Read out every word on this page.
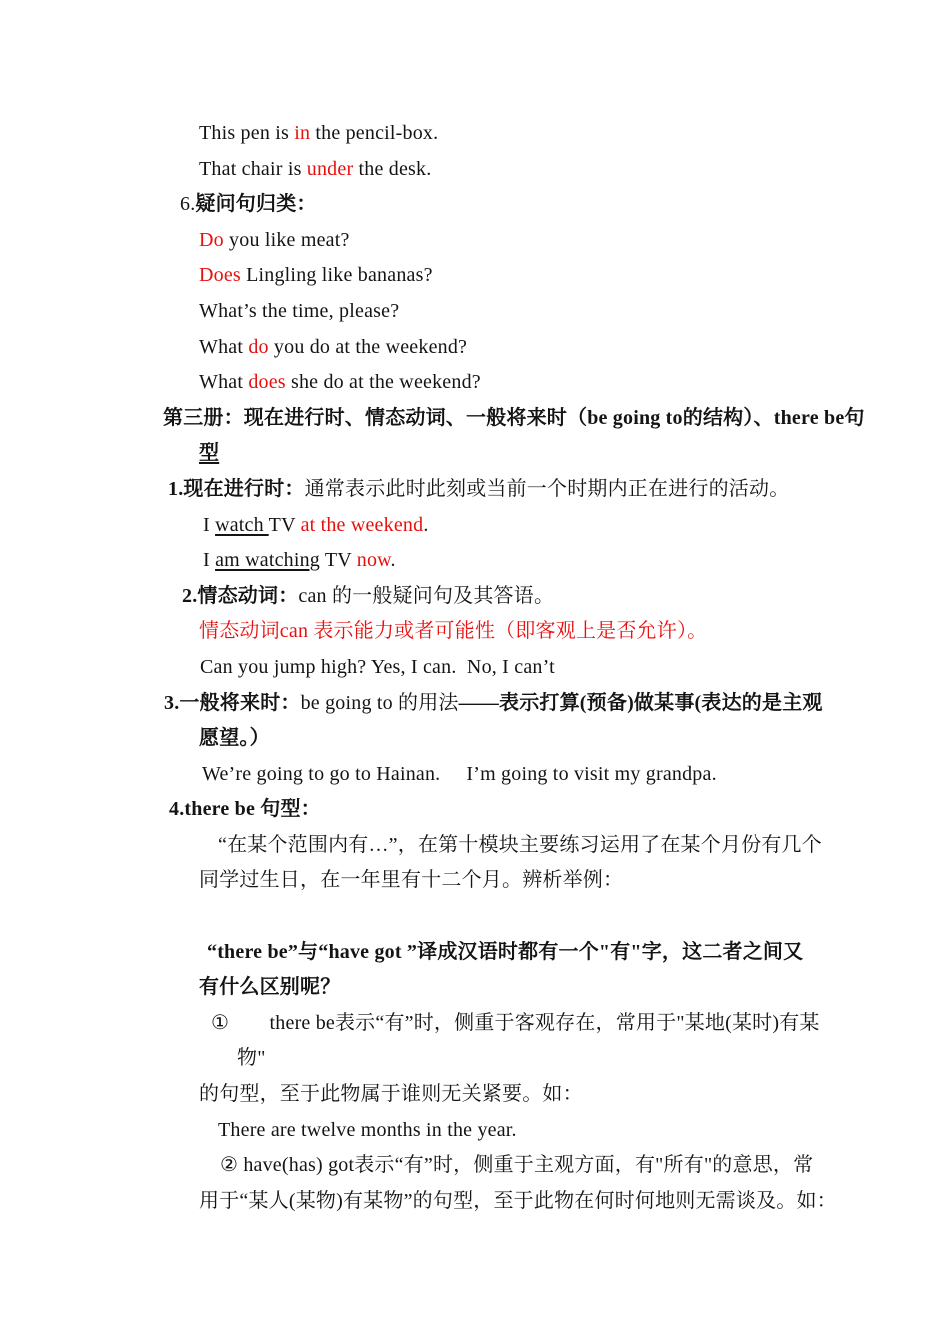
This pen is in the pencil-box.

That chair is under the desk.

6.疑问句归类：

Do you like meat?

Does Lingling like bananas?

What’s the time, please?

What do you do at the weekend?

What does she do at the weekend?

第三册：现在进行时、情态动词、一般将来时（be going to的结构）、there be句

型

1.现在进行时：通常表示此时此刻或当前一个时期内正在进行的活动。

I watch TV at the weekend.

I am watching TV now.

2.情态动词：can 的一般疑问句及其答语。

情态动词can 表示能力或者可能性（即客观上是否允许）。

Can you jump high? Yes, I can.  No, I can’t

3.一般将来时：be going to 的用法——表示打算(预备)做某事(表达的是主观

愿望。）

We’re going to go to Hainan.     I’m going to visit my grandpa.

4.there be 句型：

“在某个范围内有…”，在第十模块主要练习运用了在某个月份有几个

同学过生日，在一年里有十二个月。辨析举例：

“there be”与“have got ”译成汉语时都有一个"有"字，这二者之间又

有什么区别呢？

①　　there be表示“有”时，侧重于客观存在，常用于"某地(某时)有某

物"

的句型，至于此物属于谁则无关紧要。如：

There are twelve months in the year.

② have(has) got表示“有”时，侧重于主观方面，有"所有"的意思，常

用于“某人(某物)有某物”的句型，至于此物在何时何地则无需谈及。如：
